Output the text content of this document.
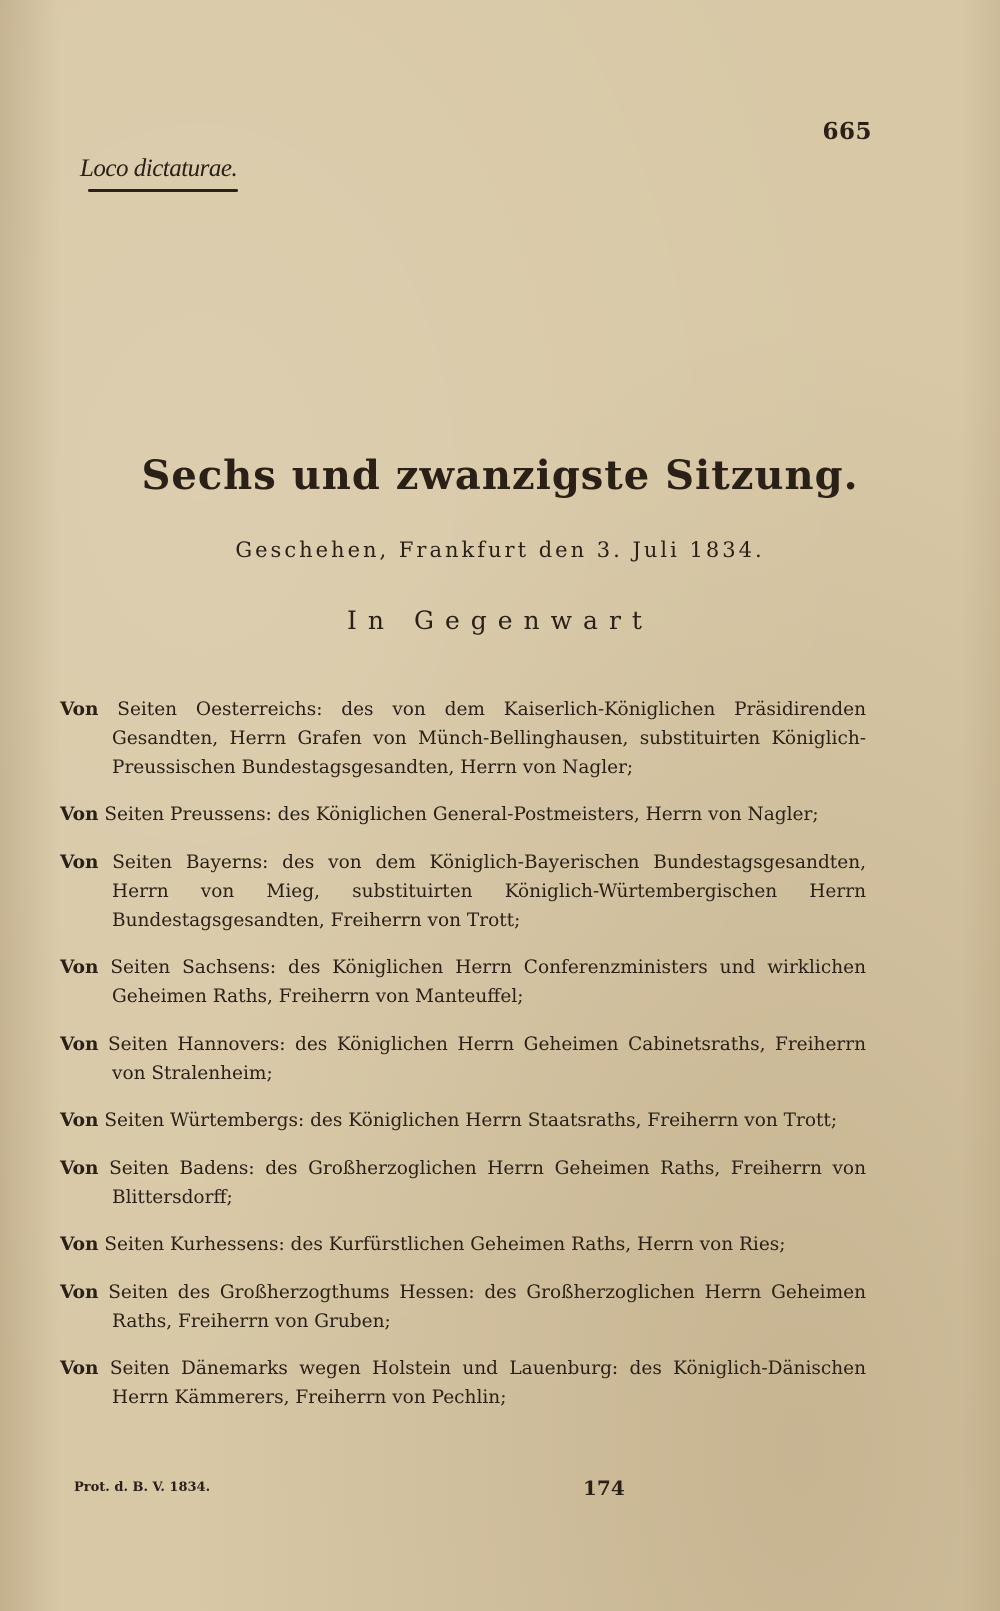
665
Loco dictaturae.
Sechs und zwanzigste Sitzung.
Geschehen, Frankfurt den 3. Juli 1834.
In Gegenwart

Von Seiten Oesterreichs: des von dem Kaiserlich-Königlichen Präsidirenden Gesandten, Herrn Grafen von Münch-Bellinghausen, substituirten Königlich-Preussischen Bundestagsgesandten, Herrn von Nagler;

Von Seiten Preussens: des Königlichen General-Postmeisters, Herrn von Nagler;

Von Seiten Bayerns: des von dem Königlich-Bayerischen Bundestagsgesandten, Herrn von Mieg, substituirten Königlich-Würtembergischen Herrn Bundestagsgesandten, Freiherrn von Trott;

Von Seiten Sachsens: des Königlichen Herrn Conferenzministers und wirklichen Geheimen Raths, Freiherrn von Manteuffel;

Von Seiten Hannovers: des Königlichen Herrn Geheimen Cabinetsraths, Freiherrn von Stralenheim;

Von Seiten Würtembergs: des Königlichen Herrn Staatsraths, Freiherrn von Trott;

Von Seiten Badens: des Großherzoglichen Herrn Geheimen Raths, Freiherrn von Blittersdorff;

Von Seiten Kurhessens: des Kurfürstlichen Geheimen Raths, Herrn von Ries;

Von Seiten des Großherzogthums Hessen: des Großherzoglichen Herrn Geheimen Raths, Freiherrn von Gruben;

Von Seiten Dänemarks wegen Holstein und Lauenburg: des Königlich-Dänischen Herrn Kämmerers, Freiherrn von Pechlin;

Prot. d. B. V. 1834.	174
